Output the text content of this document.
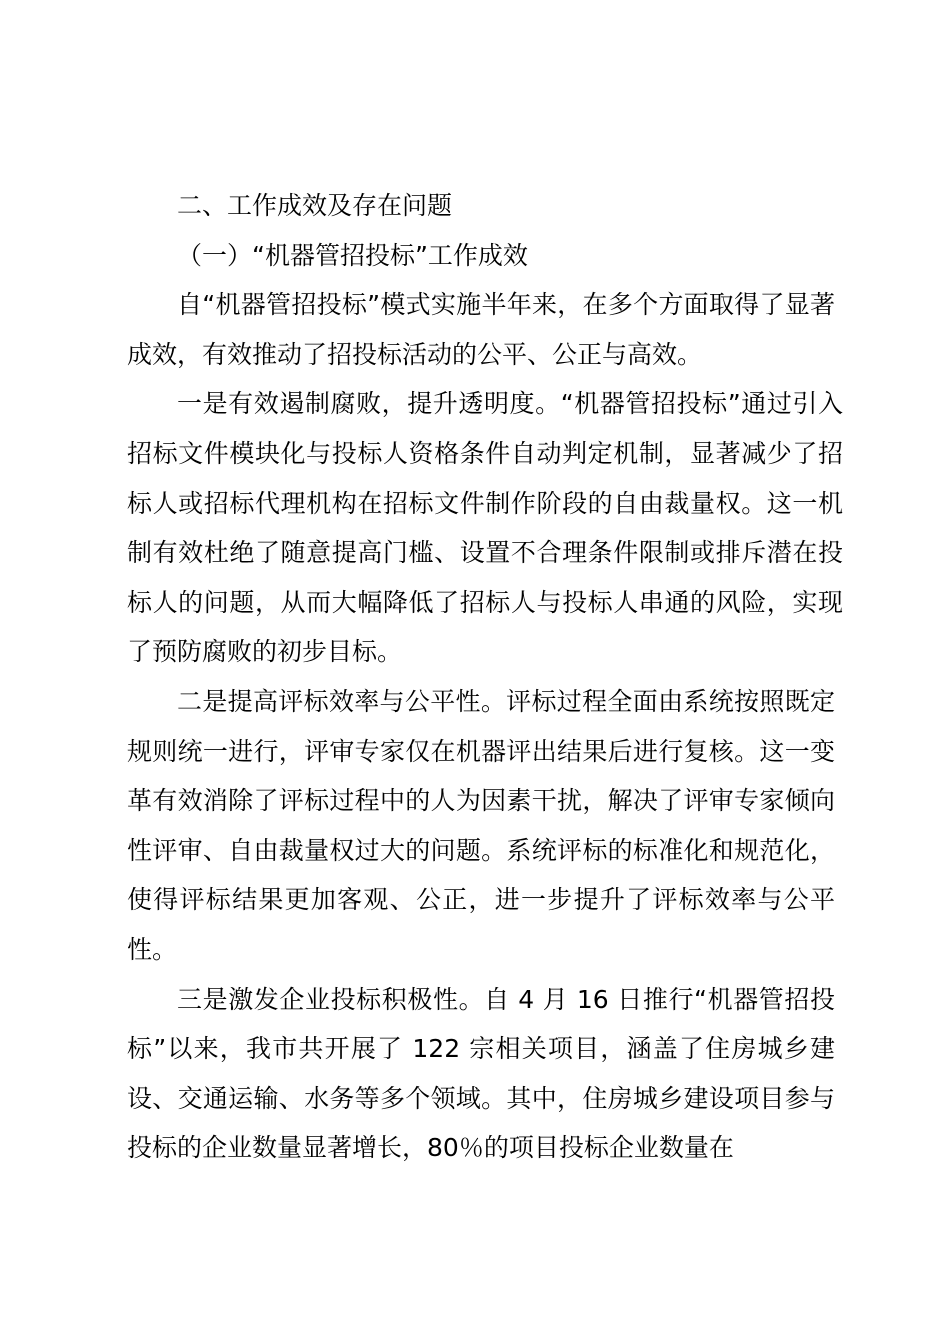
二、工作成效及存在问题

（一）“机器管招投标”工作成效

自“机器管招投标”模式实施半年来，在多个方面取得了显著成效，有效推动了招投标活动的公平、公正与高效。

一是有效遏制腐败，提升透明度。“机器管招投标”通过引入招标文件模块化与投标人资格条件自动判定机制，显著减少了招标人或招标代理机构在招标文件制作阶段的自由裁量权。这一机制有效杜绝了随意提高门槛、设置不合理条件限制或排斥潜在投标人的问题，从而大幅降低了招标人与投标人串通的风险，实现了预防腐败的初步目标。

二是提高评标效率与公平性。评标过程全面由系统按照既定规则统一进行，评审专家仅在机器评出结果后进行复核。这一变革有效消除了评标过程中的人为因素干扰，解决了评审专家倾向性评审、自由裁量权过大的问题。系统评标的标准化和规范化，使得评标结果更加客观、公正，进一步提升了评标效率与公平性。

三是激发企业投标积极性。自 4 月 16 日推行“机器管招投标”以来，我市共开展了 122 宗相关项目，涵盖了住房城乡建设、交通运输、水务等多个领域。其中，住房城乡建设项目参与投标的企业数量显著增长，80％的项目投标企业数量在
